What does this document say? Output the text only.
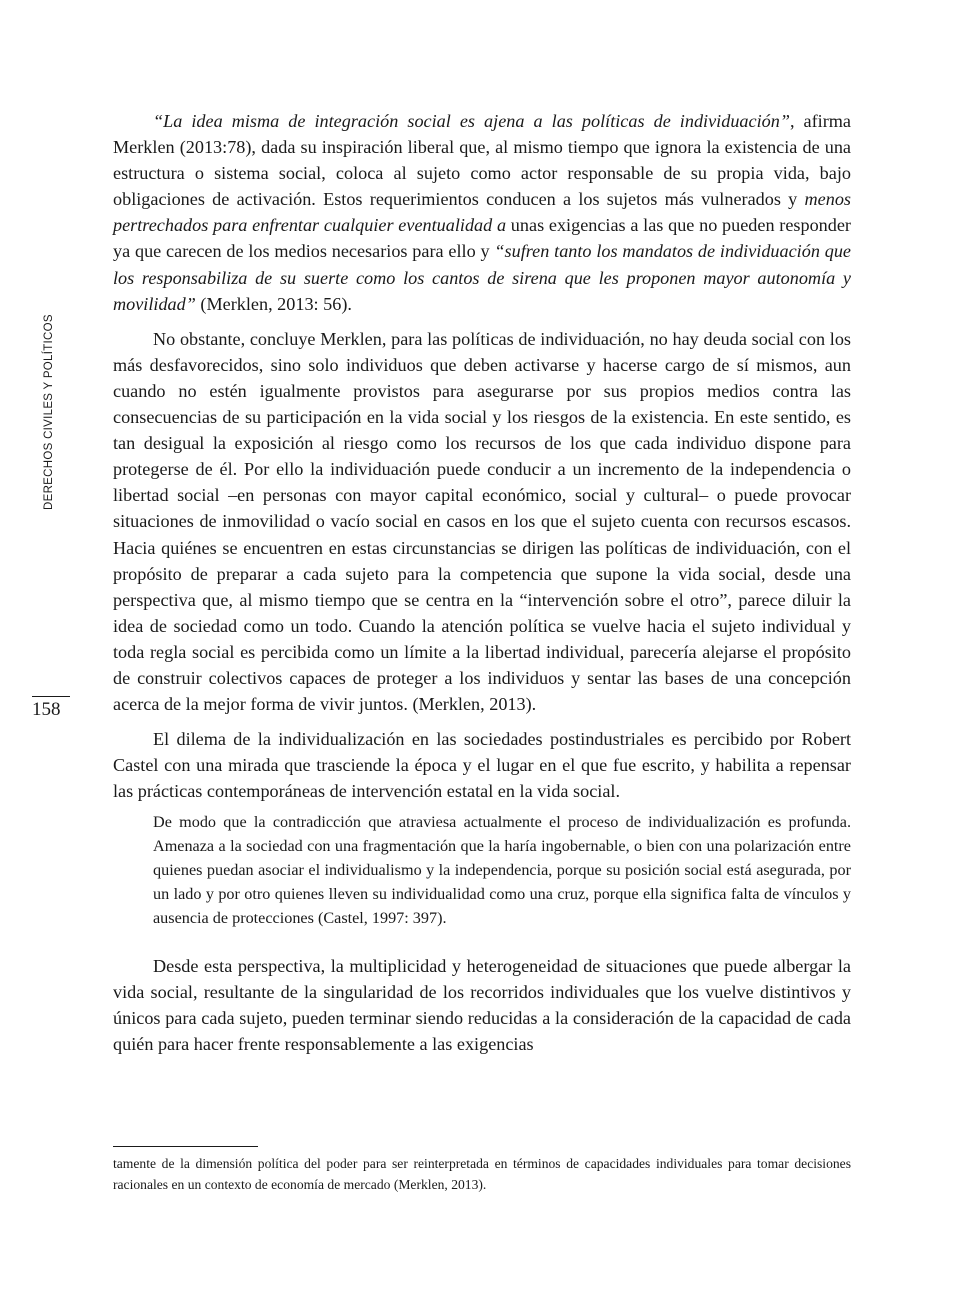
DERECHOS CIVILES Y POLÍTICOS
158

“La idea misma de integración social es ajena a las políticas de individuación”, afirma Merklen (2013:78), dada su inspiración liberal que, al mismo tiempo que ignora la existencia de una estructura o sistema social, coloca al sujeto como actor responsable de su propia vida, bajo obligaciones de activación. Estos requerimientos conducen a los sujetos más vulnerados y menos pertrechados para enfrentar cualquier eventualidad a unas exigencias a las que no pueden responder ya que carecen de los medios necesarios para ello y “sufren tanto los mandatos de individuación que los responsabiliza de su suerte como los cantos de sirena que les proponen mayor autonomía y movilidad” (Merklen, 2013: 56).

No obstante, concluye Merklen, para las políticas de individuación, no hay deuda social con los más desfavorecidos, sino solo individuos que deben activarse y hacerse cargo de sí mismos, aun cuando no estén igualmente provistos para asegurarse por sus propios medios contra las consecuencias de su participación en la vida social y los riesgos de la existencia. En este sentido, es tan desigual la exposición al riesgo como los recursos de los que cada individuo dispone para protegerse de él. Por ello la individuación puede conducir a un incremento de la independencia o libertad social –en personas con mayor capital económico, social y cultural– o puede provocar situaciones de inmovilidad o vacío social en casos en los que el sujeto cuenta con recursos escasos. Hacia quiénes se encuentren en estas circunstancias se dirigen las políticas de individuación, con el propósito de preparar a cada sujeto para la competencia que supone la vida social, desde una perspectiva que, al mismo tiempo que se centra en la “intervención sobre el otro”, parece diluir la idea de sociedad como un todo. Cuando la atención política se vuelve hacia el sujeto individual y toda regla social es percibida como un límite a la libertad individual, parecería alejarse el propósito de construir colectivos capaces de proteger a los individuos y sentar las bases de una concepción acerca de la mejor forma de vivir juntos. (Merklen, 2013).

El dilema de la individualización en las sociedades postindustriales es percibido por Robert Castel con una mirada que trasciende la época y el lugar en el que fue escrito, y habilita a repensar las prácticas contemporáneas de intervención estatal en la vida social.

De modo que la contradicción que atraviesa actualmente el proceso de individualización es profunda. Amenaza a la sociedad con una fragmentación que la haría ingobernable, o bien con una polarización entre quienes puedan asociar el individualismo y la independencia, porque su posición social está asegurada, por un lado y por otro quienes lleven su individualidad como una cruz, porque ella significa falta de vínculos y ausencia de protecciones (Castel, 1997: 397).

Desde esta perspectiva, la multiplicidad y heterogeneidad de situaciones que puede albergar la vida social, resultante de la singularidad de los recorridos individuales que los vuelve distintivos y únicos para cada sujeto, pueden terminar siendo reducidas a la consideración de la capacidad de cada quién para hacer frente responsablemente a las exigencias

tamente de la dimensión política del poder para ser reinterpretada en términos de capacidades individuales para tomar decisiones racionales en un contexto de economía de mercado (Merklen, 2013).
